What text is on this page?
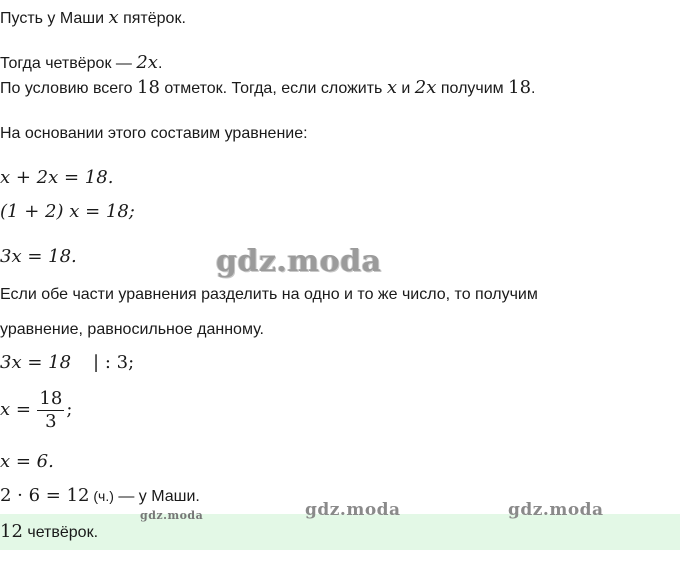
Пусть у Маши x пятёрок.
Тогда четвёрок — 2x.
По условию всего 18 отметок. Тогда, если сложить x и 2x получим 18.
На основании этого составим уравнение:
x + 2x = 18.
(1 + 2) x = 18;
3x = 18.
Если обе части уравнения разделить на одно и то же число, то получим
уравнение, равносильное данному.
3x = 18 | : 3;
$x = \frac{18}{3}$ ;
x = 6.
2 · 6 = 12 (ч.) — у Маши.
12 четвёрок.
gdz.moda
gdz.moda	gdz.moda	gdz.moda
